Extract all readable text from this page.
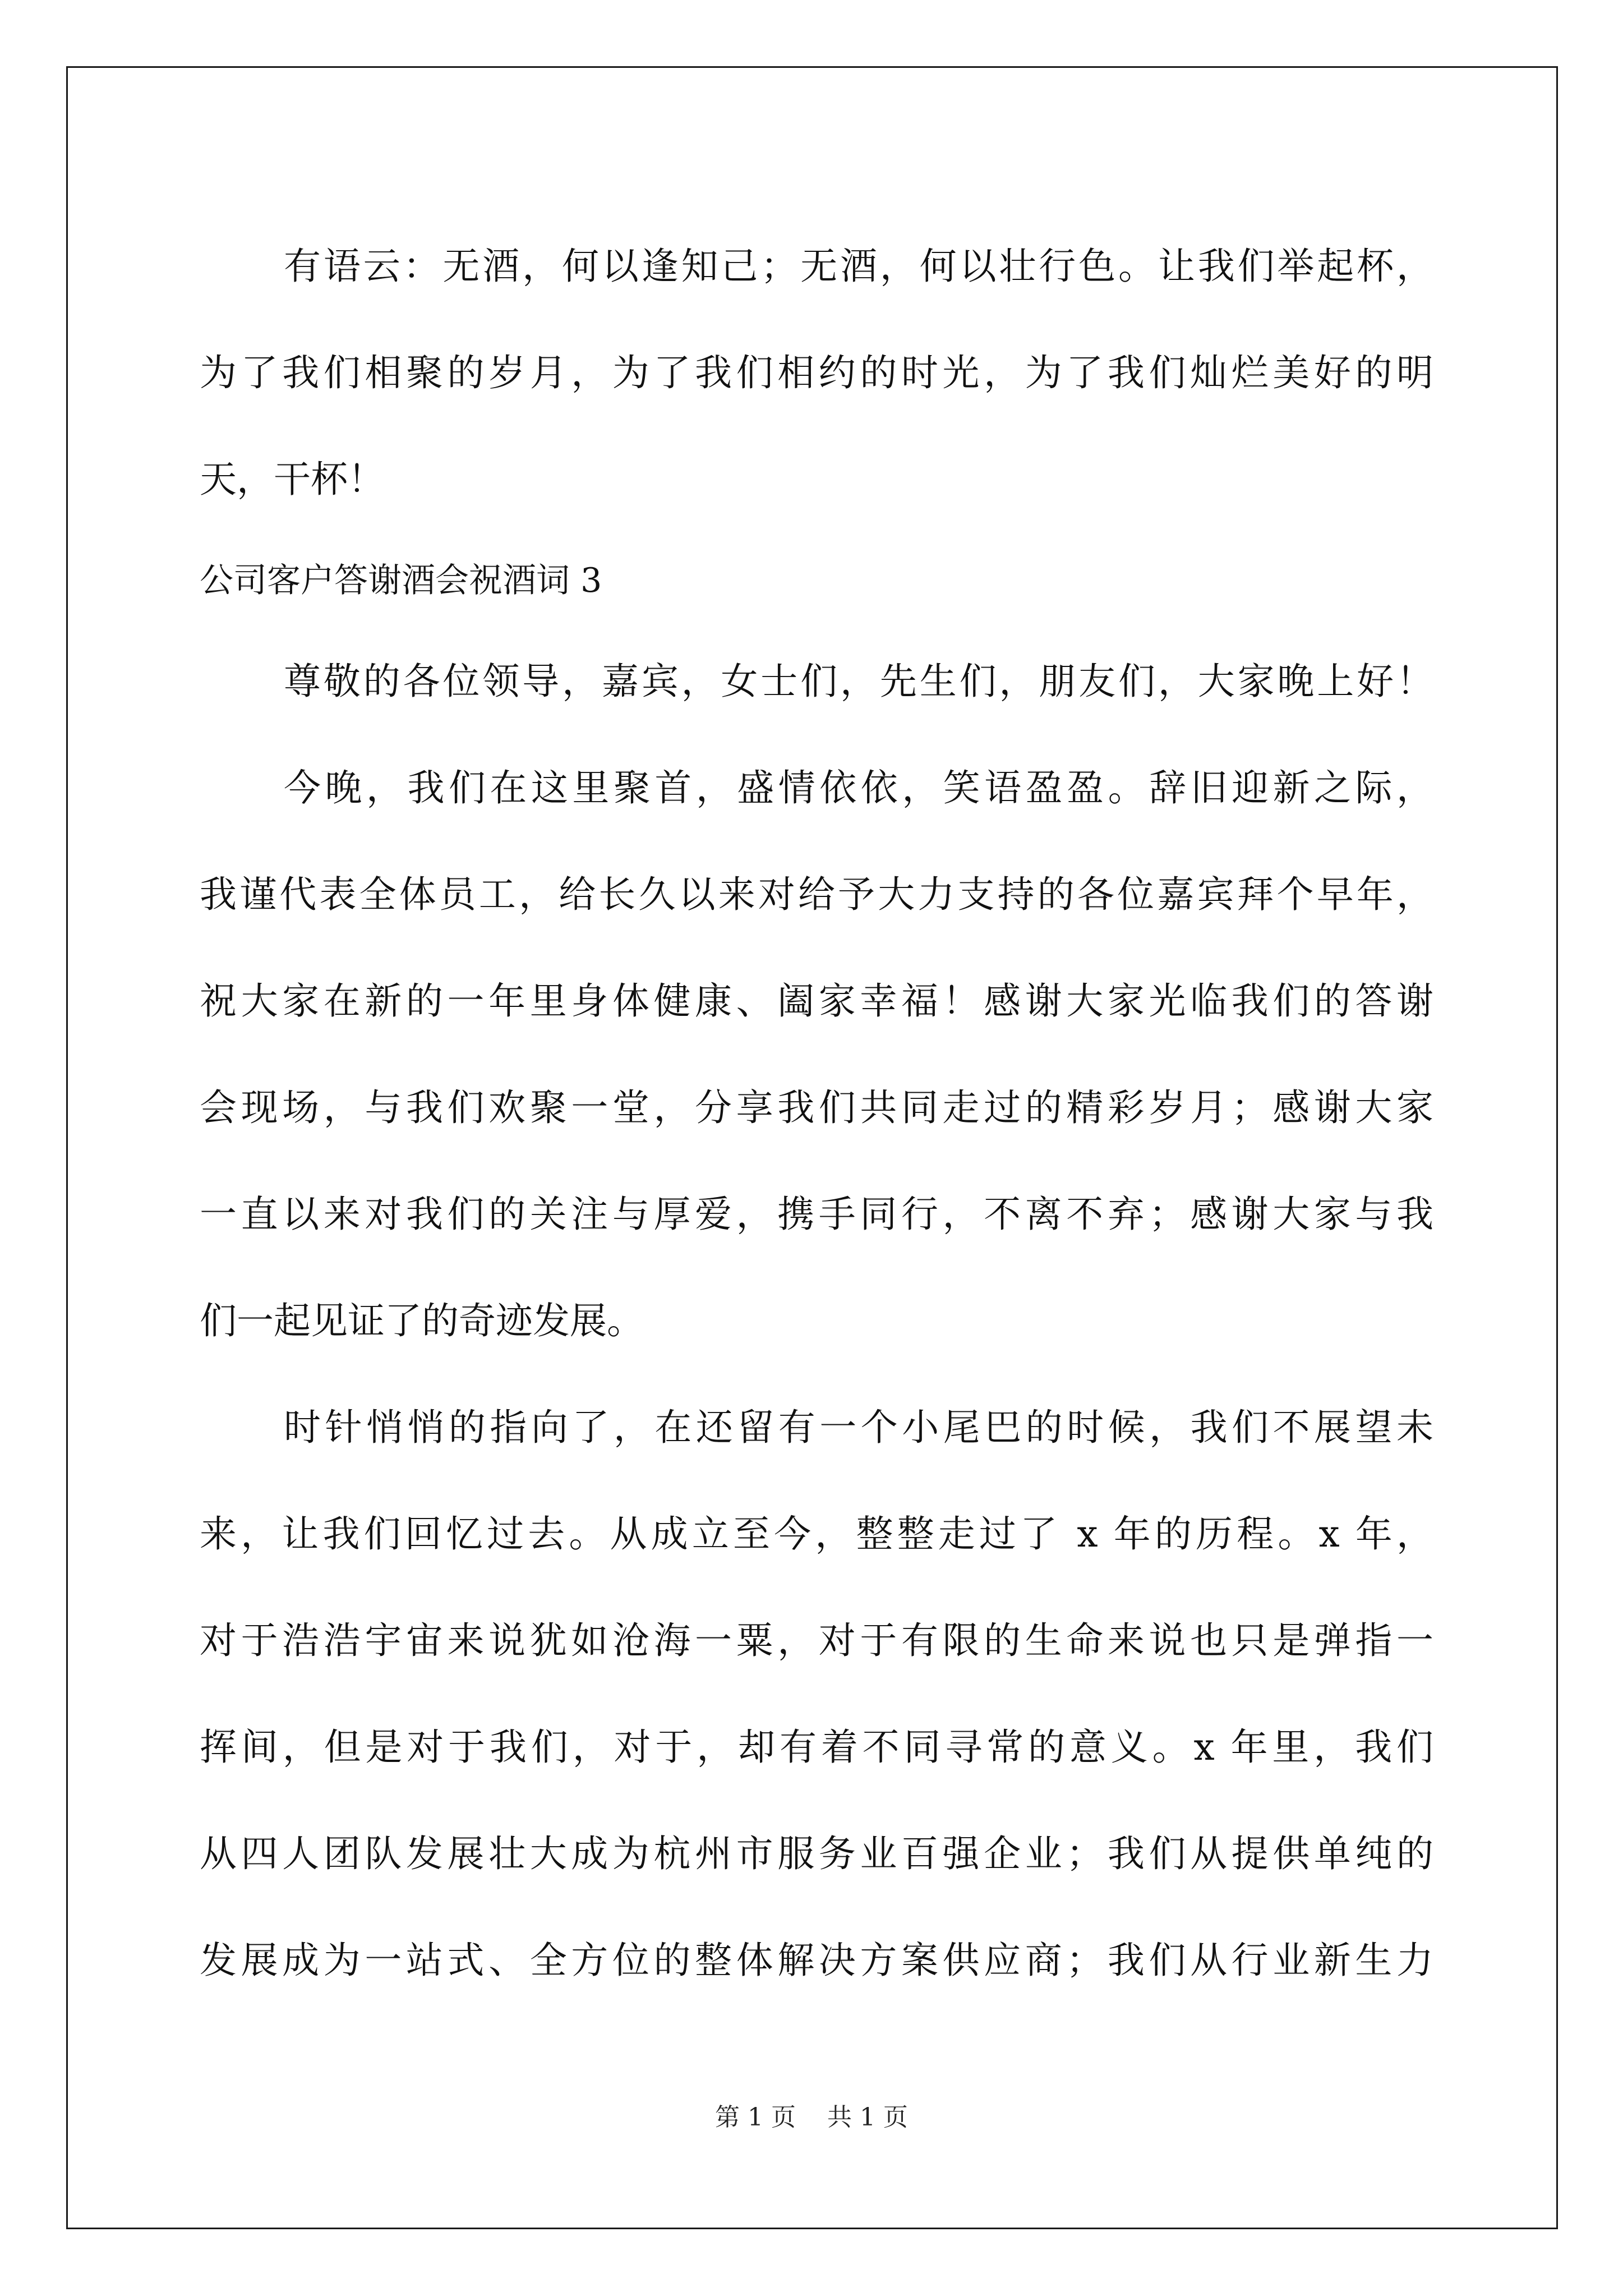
有语云：无酒，何以逢知己；无酒，何以壮行色。让我们举起杯，
为了我们相聚的岁月，为了我们相约的时光，为了我们灿烂美好的明
天，干杯！
公司客户答谢酒会祝酒词 3
尊敬的各位领导，嘉宾，女士们，先生们，朋友们，大家晚上好！
今晚，我们在这里聚首，盛情依依，笑语盈盈。辞旧迎新之际，
我谨代表全体员工，给长久以来对给予大力支持的各位嘉宾拜个早年，
祝大家在新的一年里身体健康、阖家幸福！感谢大家光临我们的答谢
会现场，与我们欢聚一堂，分享我们共同走过的精彩岁月；感谢大家
一直以来对我们的关注与厚爱，携手同行，不离不弃；感谢大家与我
们一起见证了的奇迹发展。
时针悄悄的指向了，在还留有一个小尾巴的时候，我们不展望未
来，让我们回忆过去。从成立至今，整整走过了 x 年的历程。x 年，
对于浩浩宇宙来说犹如沧海一粟，对于有限的生命来说也只是弹指一
挥间，但是对于我们，对于，却有着不同寻常的意义。x 年里，我们
从四人团队发展壮大成为杭州市服务业百强企业；我们从提供单纯的
发展成为一站式、全方位的整体解决方案供应商；我们从行业新生力
第 1 页 共 1 页
